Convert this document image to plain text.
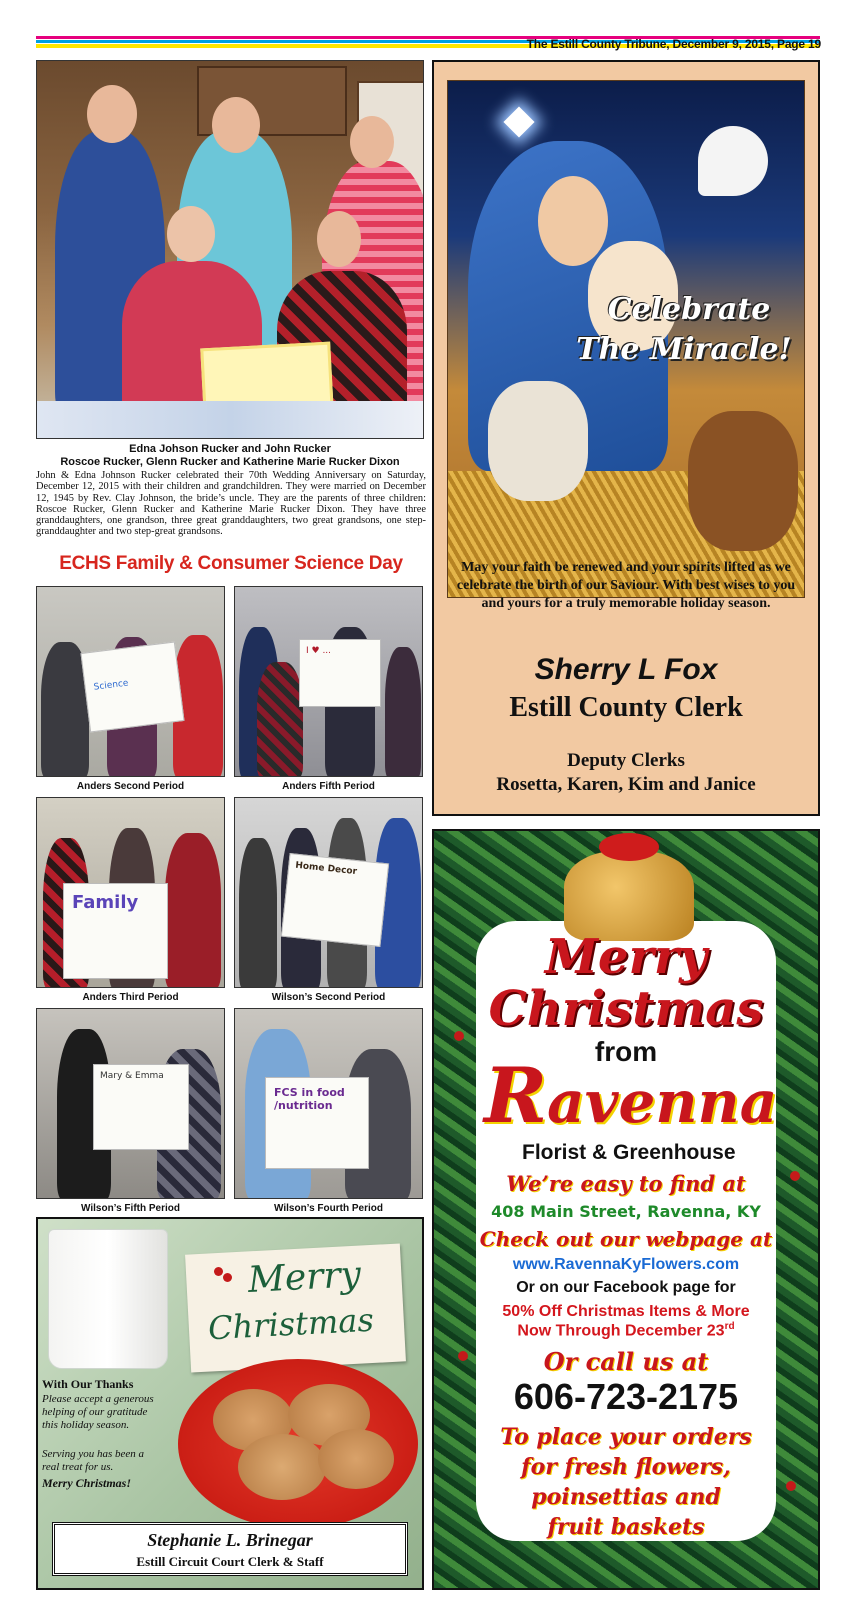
The Estill County Tribune, December 9, 2015, Page 19
Edna Johson Rucker and John Rucker
Roscoe Rucker, Glenn Rucker and Katherine Marie Rucker Dixon
John & Edna Johnson Rucker celebrated their 70th Wedding Anniversary on Saturday, December 12, 2015 with their children and grandchildren. They were married on December 12, 1945 by Rev. Clay Johnson, the bride’s uncle. They are the parents of three children: Roscoe Rucker, Glenn Rucker and Katherine Marie Rucker Dixon. They have three granddaughters, one grandson, three great granddaughters, two great grandsons, one step-granddaughter and two step-great grandsons.
ECHS Family & Consumer Science Day
Science
Anders Second Period
I ♥ ...
Anders Fifth Period
Family
Anders Third Period
Home Decor
Wilson’s Second Period
Mary & Emma
Wilson’s Fifth Period
FCS in food /nutrition
Wilson’s Fourth Period
Merry
Christmas
With Our Thanks
Please accept a generous helping of our gratitude this holiday season.
Serving you has been a real treat for us.
Merry Christmas!
Stephanie L. Brinegar
Estill Circuit Court Clerk & Staff
Celebrate
The Miracle!
May your faith be renewed and your spirits lifted as we celebrate the birth of our Saviour. With best wises to you and yours for a truly memorable holiday season.
Sherry L Fox
Estill County Clerk
Deputy Clerks
Rosetta, Karen, Kim and Janice
Merry
Christmas
from
Ravenna
Florist & Greenhouse
We’re easy to find at
408 Main Street, Ravenna, KY
Check out our webpage at
www.RavennaKyFlowers.com
Or on our Facebook page for
50% Off Christmas Items & More
Now Through December 23rd
Or call us at
606-723-2175
To place your orders
for fresh flowers,
poinsettias and
fruit baskets
